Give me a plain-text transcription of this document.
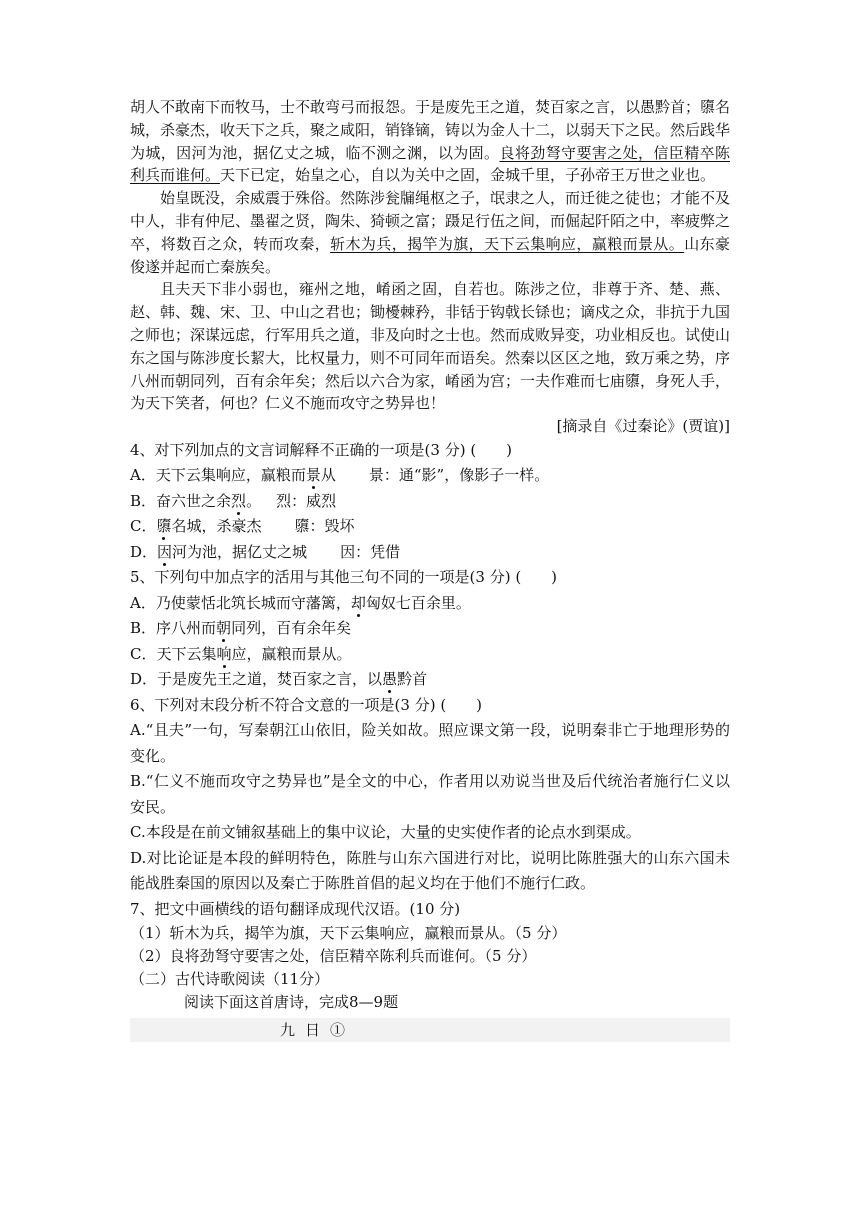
胡人不敢南下而牧马，士不敢弯弓而报怨。于是废先王之道，焚百家之言，以愚黔首；隳名城，杀豪杰，收天下之兵，聚之咸阳，销锋镝，铸以为金人十二，以弱天下之民。然后践华为城，因河为池，据亿丈之城，临不测之渊，以为固。良将劲弩守要害之处，信臣精卒陈利兵而谁何。天下已定，始皇之心，自以为关中之固，金城千里，子孙帝王万世之业也。

始皇既没，余威震于殊俗。然陈涉瓮牖绳枢之子，氓隶之人，而迁徙之徒也；才能不及中人，非有仲尼、墨翟之贤，陶朱、猗顿之富；蹑足行伍之间，而倔起阡陌之中，率疲弊之卒，将数百之众，转而攻秦，斩木为兵，揭竿为旗，天下云集响应，赢粮而景从。山东豪俊遂并起而亡秦族矣。

且夫天下非小弱也，雍州之地，崤函之固，自若也。陈涉之位，非尊于齐、楚、燕、赵、韩、魏、宋、卫、中山之君也；锄櫌棘矜，非铦于钩戟长铩也；谪戍之众，非抗于九国之师也；深谋远虑，行军用兵之道，非及向时之士也。然而成败异变，功业相反也。试使山东之国与陈涉度长絜大，比权量力，则不可同年而语矣。然秦以区区之地，致万乘之势，序八州而朝同列，百有余年矣；然后以六合为家，崤函为宫；一夫作难而七庙隳，身死人手，为天下笑者，何也？仁义不施而攻守之势异也！

[摘录自《过秦论》(贾谊)]

4、对下列加点的文言词解释不正确的一项是(3 分) (　　)

A．天下云集响应，赢粮而景从 景：通“影”，像影子一样。

B．奋六世之余烈。 烈：威烈

C．隳名城，杀豪杰 隳：毁坏

D．因河为池，据亿丈之城 因：凭借

5、下列句中加点字的活用与其他三句不同的一项是(3 分) (　　)

A．乃使蒙恬北筑长城而守藩篱，却匈奴七百余里。

B．序八州而朝同列，百有余年矣

C．天下云集响应，赢粮而景从。

D．于是废先王之道，焚百家之言，以愚黔首

6、下列对末段分析不符合文意的一项是(3 分) (　　)

A.“且夫”一句，写秦朝江山依旧，险关如故。照应课文第一段，说明秦非亡于地理形势的变化。

B.“仁义不施而攻守之势异也”是全文的中心，作者用以劝说当世及后代统治者施行仁义以安民。

C.本段是在前文铺叙基础上的集中议论，大量的史实使作者的论点水到渠成。

D.对比论证是本段的鲜明特色，陈胜与山东六国进行对比，说明比陈胜强大的山东六国未能战胜秦国的原因以及秦亡于陈胜首倡的起义均在于他们不施行仁政。

7、把文中画横线的语句翻译成现代汉语。(10 分)

（1）斩木为兵，揭竿为旗，天下云集响应，赢粮而景从。（5 分）

（2）良将劲弩守要害之处，信臣精卒陈利兵而谁何。（5 分）

（二）古代诗歌阅读（11分）

阅读下面这首唐诗，完成8—9题

九日①
